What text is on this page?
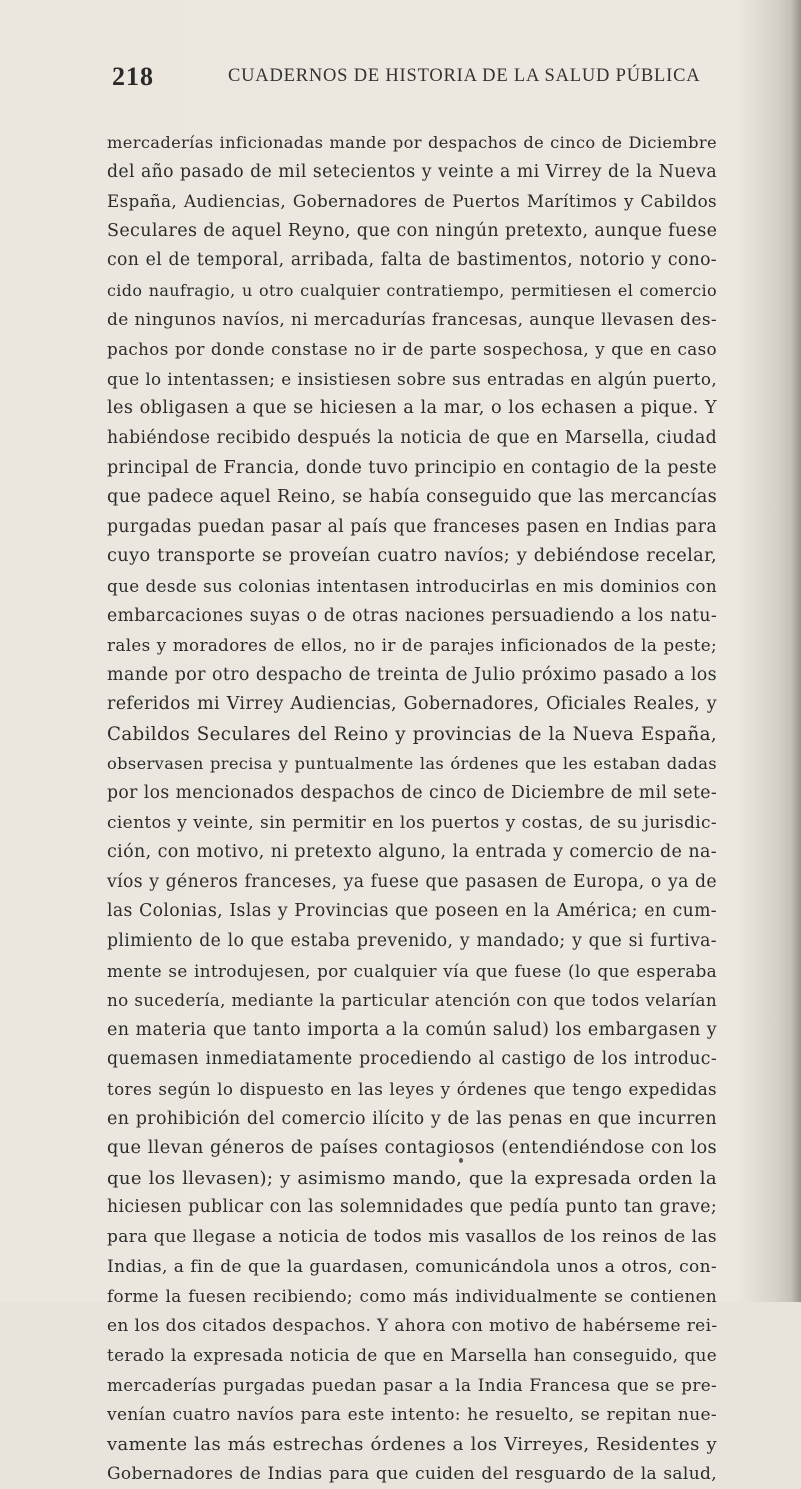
218	CUADERNOS DE HISTORIA DE LA SALUD PÚBLICA
mercaderías inficionadas mande por despachos de cinco de Diciembre
del año pasado de mil setecientos y veinte a mi Virrey de la Nueva
España, Audiencias, Gobernadores de Puertos Marítimos y Cabildos
Seculares de aquel Reyno, que con ningún pretexto, aunque fuese
con el de temporal, arribada, falta de bastimentos, notorio y cono-
cido naufragio, u otro cualquier contratiempo, permitiesen el comercio
de ningunos navíos, ni mercadurías francesas, aunque llevasen des-
pachos por donde constase no ir de parte sospechosa, y que en caso
que lo intentassen; e insistiesen sobre sus entradas en algún puerto,
les obligasen a que se hiciesen a la mar, o los echasen a pique. Y
habiéndose recibido después la noticia de que en Marsella, ciudad
principal de Francia, donde tuvo principio en contagio de la peste
que padece aquel Reino, se había conseguido que las mercancías
purgadas puedan pasar al país que franceses pasen en Indias para
cuyo transporte se proveían cuatro navíos; y debiéndose recelar,
que desde sus colonias intentasen introducirlas en mis dominios con
embarcaciones suyas o de otras naciones persuadiendo a los natu-
rales y moradores de ellos, no ir de parajes inficionados de la peste;
mande por otro despacho de treinta de Julio próximo pasado a los
referidos mi Virrey Audiencias, Gobernadores, Oficiales Reales, y
Cabildos Seculares del Reino y provincias de la Nueva España,
observasen precisa y puntualmente las órdenes que les estaban dadas
por los mencionados despachos de cinco de Diciembre de mil sete-
cientos y veinte, sin permitir en los puertos y costas, de su jurisdic-
ción, con motivo, ni pretexto alguno, la entrada y comercio de na-
víos y géneros franceses, ya fuese que pasasen de Europa, o ya de
las Colonias, Islas y Provincias que poseen en la América; en cum-
plimiento de lo que estaba prevenido, y mandado; y que si furtiva-
mente se introdujesen, por cualquier vía que fuese (lo que esperaba
no sucedería, mediante la particular atención con que todos velarían
en materia que tanto importa a la común salud) los embargasen y
quemasen inmediatamente procediendo al castigo de los introduc-
tores según lo dispuesto en las leyes y órdenes que tengo expedidas
en prohibición del comercio ilícito y de las penas en que incurren
que llevan géneros de países contagiosos (entendiéndose con los
que los llevasen); y asimismo mando, que la expresada orden la
hiciesen publicar con las solemnidades que pedía punto tan grave;
para que llegase a noticia de todos mis vasallos de los reinos de las
Indias, a fin de que la guardasen, comunicándola unos a otros, con-
forme la fuesen recibiendo; como más individualmente se contienen
en los dos citados despachos. Y ahora con motivo de habérseme rei-
terado la expresada noticia de que en Marsella han conseguido, que
mercaderías purgadas puedan pasar a la India Francesa que se pre-
venían cuatro navíos para este intento: he resuelto, se repitan nue-
vamente las más estrechas órdenes a los Virreyes, Residentes y
Gobernadores de Indias para que cuiden del resguardo de la salud,
